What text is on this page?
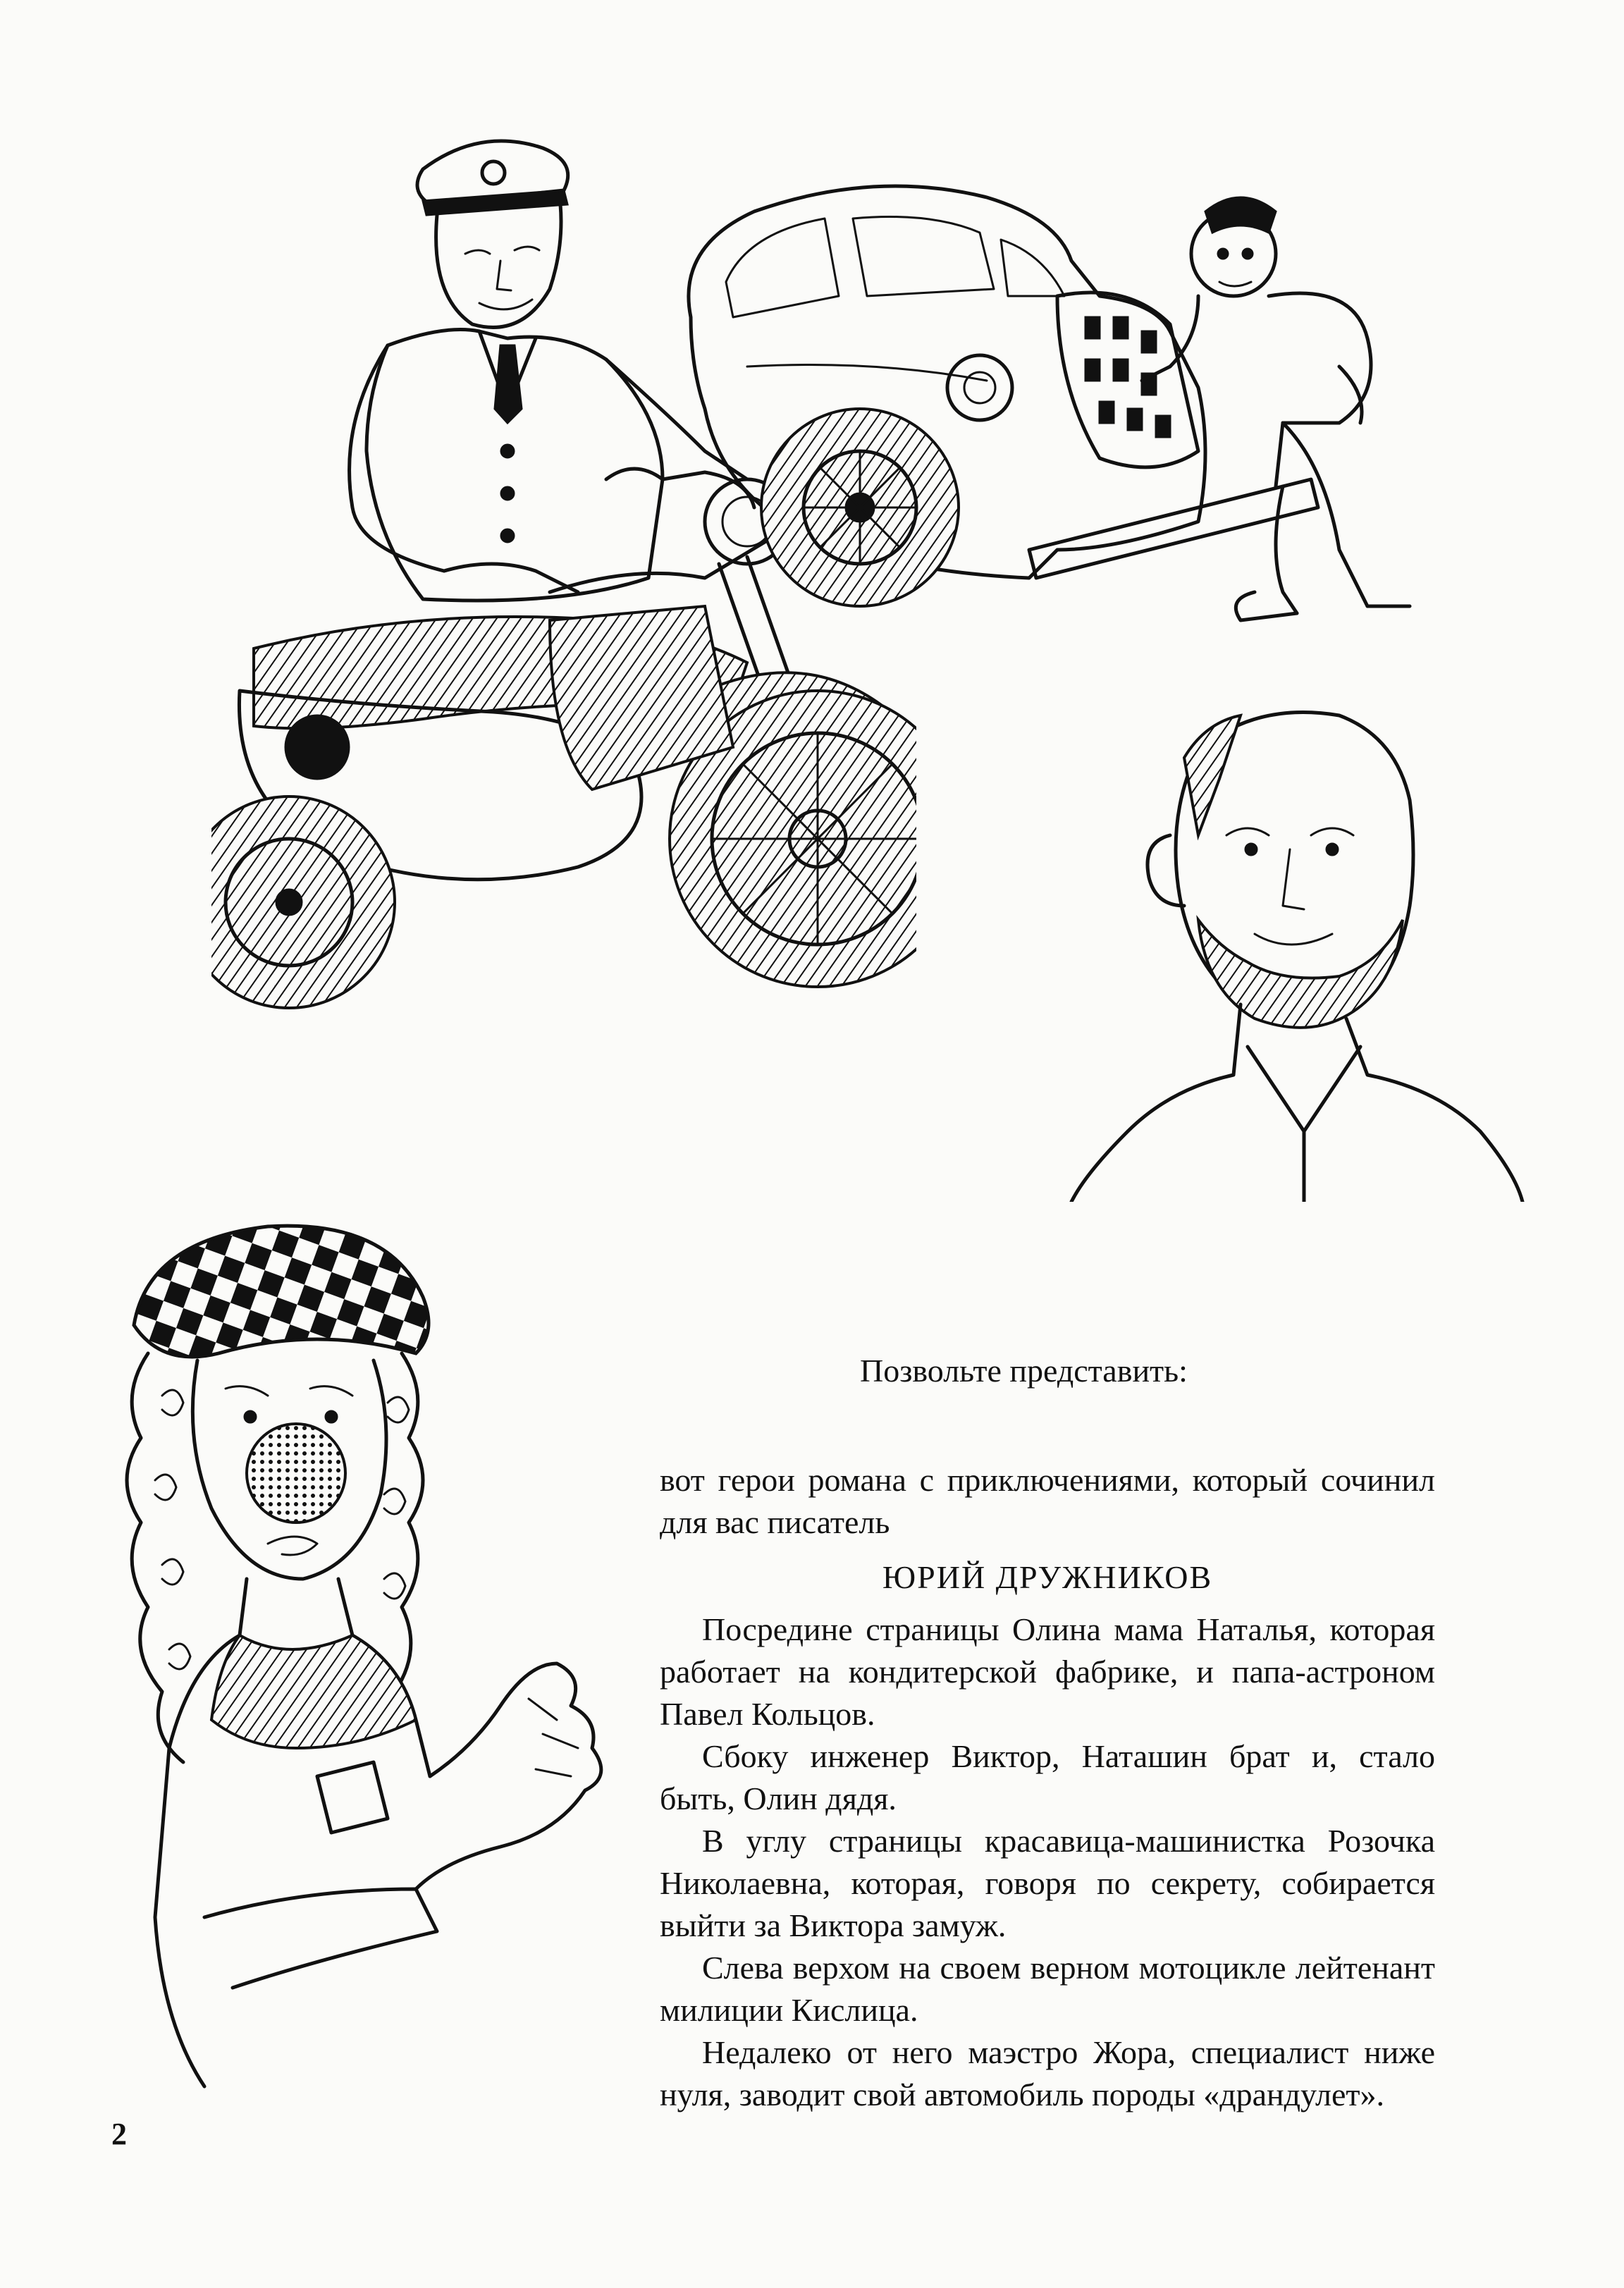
Позвольте представить:

вот герои романа с приключениями, который сочинил для вас писатель

ЮРИЙ ДРУЖНИКОВ

Посредине страницы Олина мама Наталья, которая работает на кондитерской фабрике, и папа-астроном Павел Кольцов.

Сбоку инженер Виктор, Наташин брат и, стало быть, Олин дядя.

В углу страницы красавица-машинистка Розочка Николаевна, которая, говоря по секрету, собирается выйти за Виктора замуж.

Слева верхом на своем верном мотоцикле лейтенант милиции Кислица.

Недалеко от него маэстро Жора, специалист ниже нуля, заводит свой автомобиль породы «драндулет».

2
